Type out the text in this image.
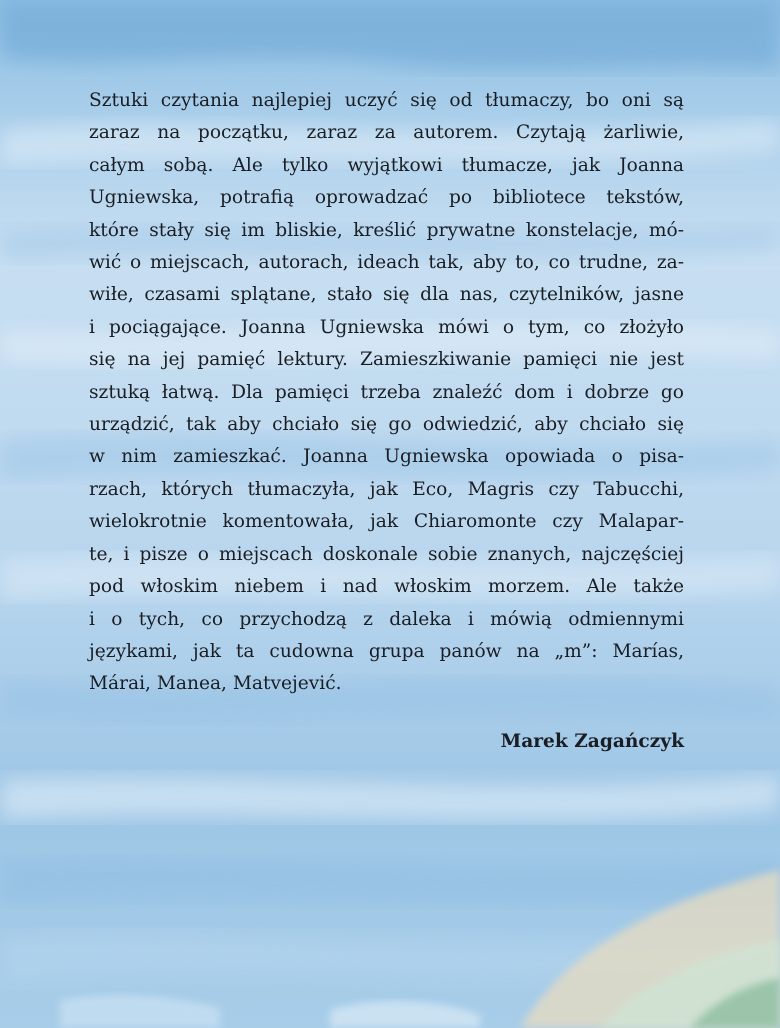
Sztuki czytania najlepiej uczyć się od tłumaczy, bo oni są
zaraz na początku, zaraz za autorem. Czytają żarliwie,
całym sobą. Ale tylko wyjątkowi tłumacze, jak Joanna
Ugniewska, potrafią oprowadzać po bibliotece tekstów,
które stały się im bliskie, kreślić prywatne konstelacje, mó-
wić o miejscach, autorach, ideach tak, aby to, co trudne, za-
wiłe, czasami splątane, stało się dla nas, czytelników, jasne
i pociągające. Joanna Ugniewska mówi o tym, co złożyło
się na jej pamięć lektury. Zamieszkiwanie pamięci nie jest
sztuką łatwą. Dla pamięci trzeba znaleźć dom i dobrze go
urządzić, tak aby chciało się go odwiedzić, aby chciało się
w nim zamieszkać. Joanna Ugniewska opowiada o pisa-
rzach, których tłumaczyła, jak Eco, Magris czy Tabucchi,
wielokrotnie komentowała, jak Chiaromonte czy Malapar-
te, i pisze o miejscach doskonale sobie znanych, najczęściej
pod włoskim niebem i nad włoskim morzem. Ale także
i o tych, co przychodzą z daleka i mówią odmiennymi
językami, jak ta cudowna grupa panów na „m”: Marías,
Márai, Manea, Matvejević.

Marek Zagańczyk
